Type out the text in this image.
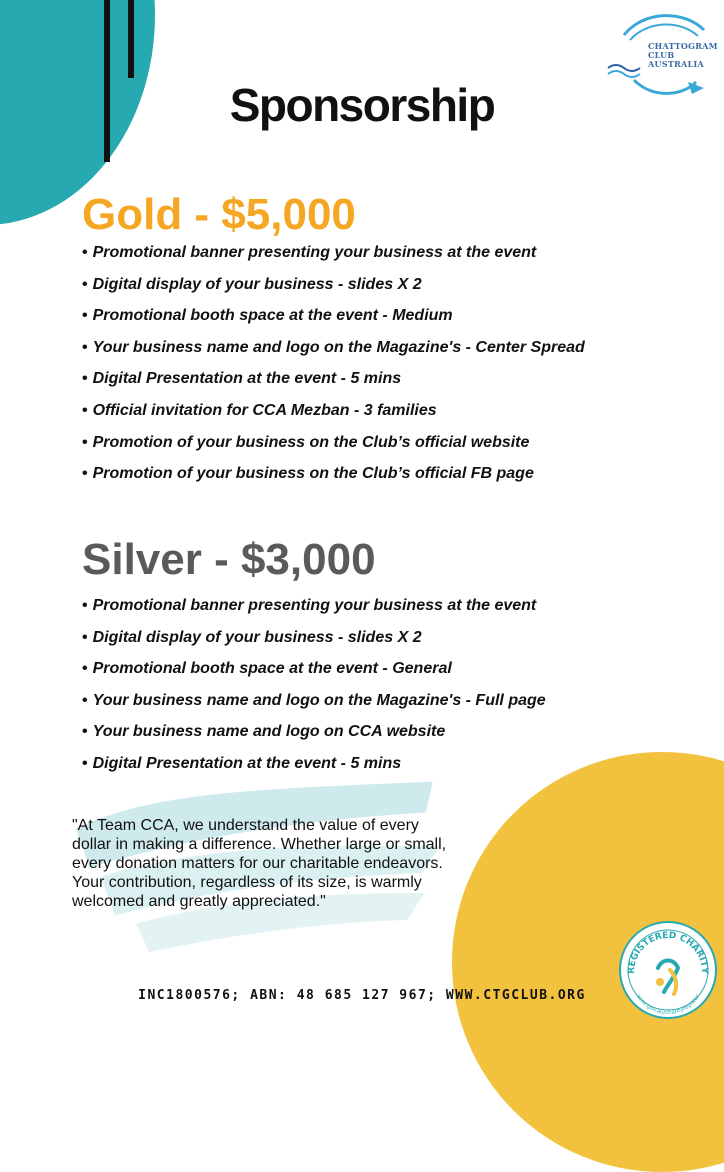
CHATTOGRAM
CLUB
AUSTRALIA
Sponsorship
Gold - $5,000
• Promotional banner presenting your business at the event
• Digital display of your business - slides X 2
• Promotional booth space at the event - Medium
• Your business name and logo on the Magazine's - Center Spread
• Digital Presentation at the event - 5 mins
• Official invitation for CCA Mezban - 3 families
• Promotion of your business on the Club’s official website
• Promotion of your business on the Club’s official FB page
Silver - $3,000
• Promotional banner presenting your business at the event
• Digital display of your business - slides X 2
• Promotional booth space at the event - General
• Your business name and logo on the Magazine's - Full page
• Your business name and logo on CCA website
• Digital Presentation at the event - 5 mins

"At Team CCA, we understand the value of every dollar in making a difference. Whether large or small, every donation matters for our charitable endeavors. Your contribution, regardless of its size, is warmly welcomed and greatly appreciated."

REGISTERED CHARITY
acnc.gov.au/charityregister
INC1800576; ABN: 48 685 127 967; WWW.CTGCLUB.ORG
